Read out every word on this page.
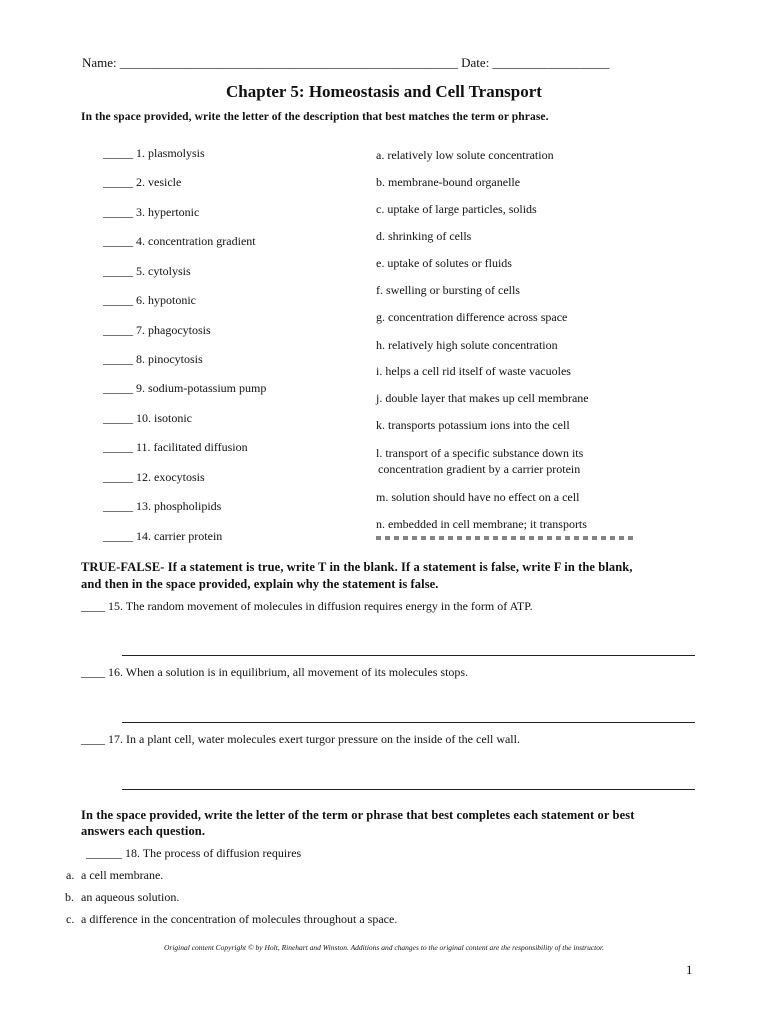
Name: ____________________________________________________ Date: __________________
Chapter 5: Homeostasis and Cell Transport
In the space provided, write the letter of the description that best matches the term or phrase.
_____ 1. plasmolysis
_____ 2. vesicle
_____ 3. hypertonic
_____ 4. concentration gradient
_____ 5. cytolysis
_____ 6. hypotonic
_____ 7. phagocytosis
_____ 8. pinocytosis
_____ 9. sodium-potassium pump
_____ 10. isotonic
_____ 11. facilitated diffusion
_____ 12. exocytosis
_____ 13. phospholipids
_____ 14. carrier protein
a. relatively low solute concentration
b. membrane-bound organelle
c. uptake of large particles, solids
d. shrinking of cells
e. uptake of solutes or fluids
f. swelling or bursting of cells
g. concentration difference across space
h. relatively high solute concentration
i. helps a cell rid itself of waste vacuoles
j. double layer that makes up cell membrane
k. transports potassium ions into the cell
l. transport of a specific substance down its
concentration gradient by a carrier protein
m. solution should have no effect on a cell
n. embedded in cell membrane; it transports
TRUE-FALSE- If a statement is true, write T in the blank. If a statement is false, write F in the blank,
and then in the space provided, explain why the statement is false.
____ 15. The random movement of molecules in diffusion requires energy in the form of ATP.
____ 16. When a solution is in equilibrium, all movement of its molecules stops.
____ 17. In a plant cell, water molecules exert turgor pressure on the inside of the cell wall.
In the space provided, write the letter of the term or phrase that best completes each statement or best
answers each question.
______ 18. The process of diffusion requires
a. a cell membrane.
b. an aqueous solution.
c. a difference in the concentration of molecules throughout a space.
Original content Copyright © by Holt, Rinehart and Winston. Additions and changes to the original content are the responsibility of the instructor.
1
